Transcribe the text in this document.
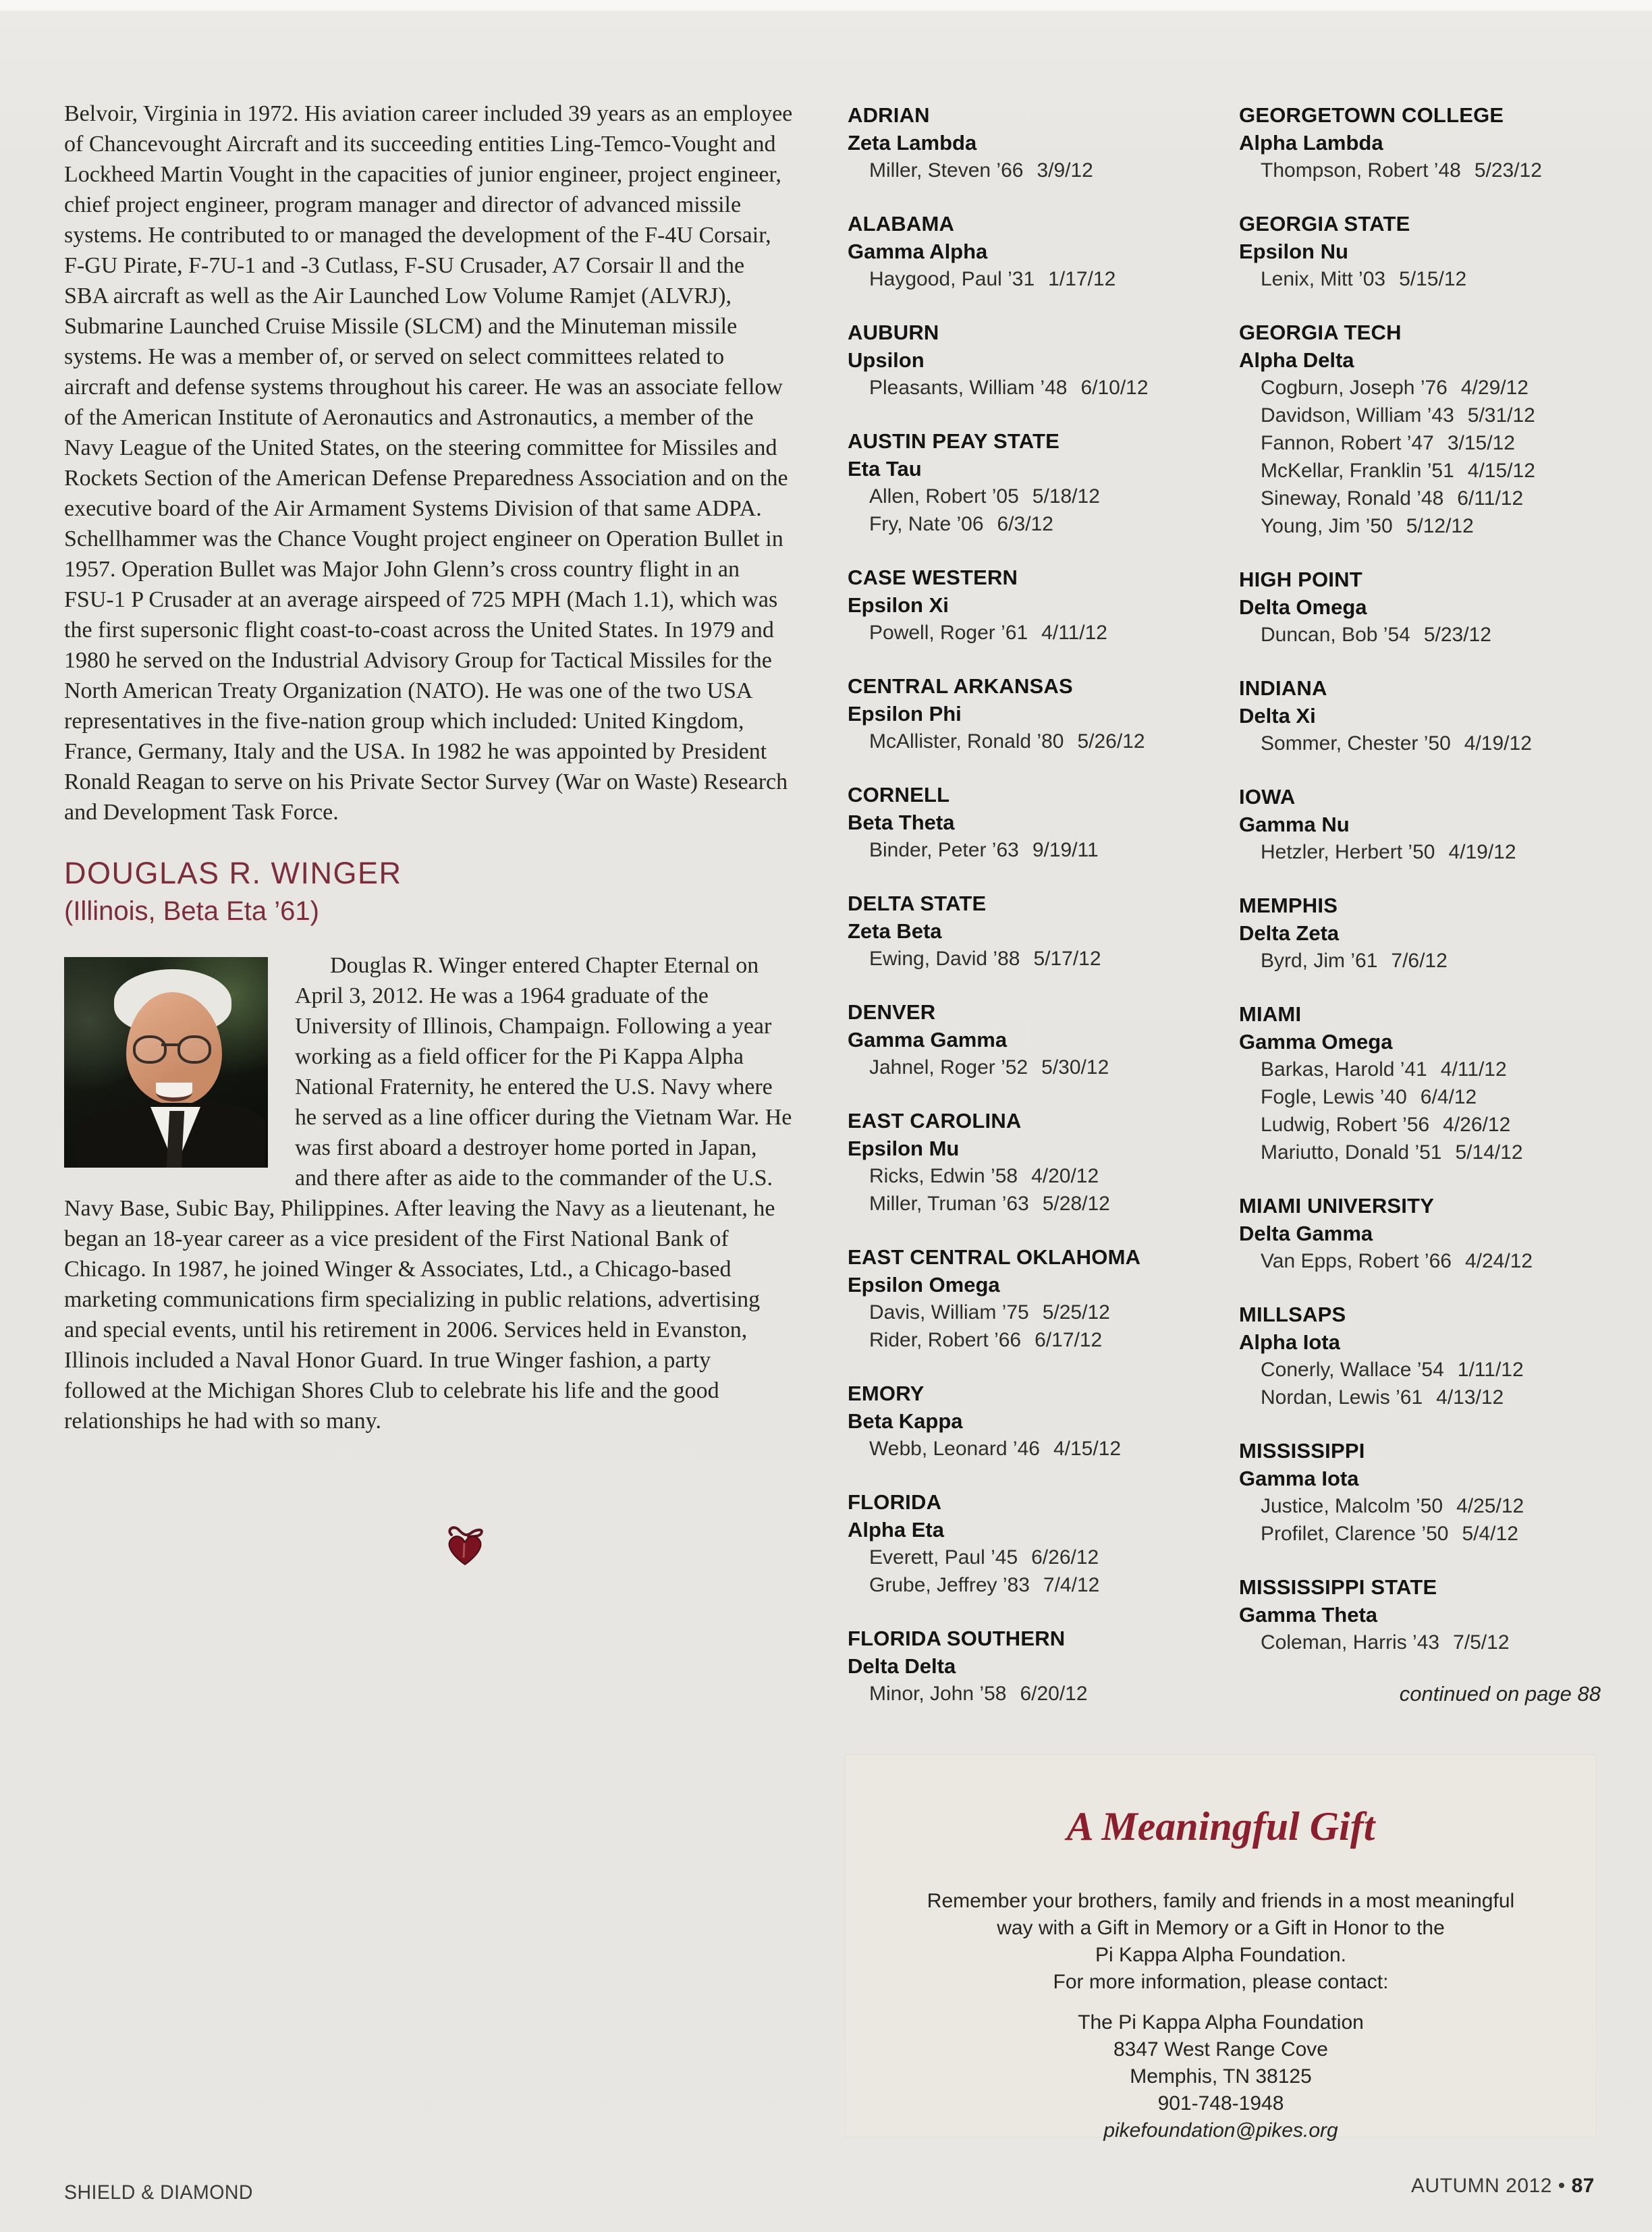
Belvoir, Virginia in 1972. His aviation career included 39 years as an employee of Chancevought Aircraft and its succeeding entities Ling-Temco-Vought and Lockheed Martin Vought in the capacities of junior engineer, project engineer, chief project engineer, program manager and director of advanced missile systems. He contributed to or managed the development of the F-4U Corsair, F-GU Pirate, F-7U-1 and -3 Cutlass, F-SU Crusader, A7 Corsair ll and the SBA aircraft as well as the Air Launched Low Volume Ramjet (ALVRJ), Submarine Launched Cruise Missile (SLCM) and the Minuteman missile systems. He was a member of, or served on select committees related to aircraft and defense systems throughout his career. He was an associate fellow of the American Institute of Aeronautics and Astronautics, a member of the Navy League of the United States, on the steering committee for Missiles and Rockets Section of the American Defense Preparedness Association and on the executive board of the Air Armament Systems Division of that same ADPA. Schellhammer was the Chance Vought project engineer on Operation Bullet in 1957. Operation Bullet was Major John Glenn’s cross country flight in an FSU-1 P Crusader at an average airspeed of 725 MPH (Mach 1.1), which was the first supersonic flight coast-to-coast across the United States. In 1979 and 1980 he served on the Industrial Advisory Group for Tactical Missiles for the North American Treaty Organization (NATO). He was one of the two USA representatives in the five-nation group which included: United Kingdom, France, Germany, Italy and the USA. In 1982 he was appointed by President Ronald Reagan to serve on his Private Sector Survey (War on Waste) Research and Development Task Force.

DOUGLAS R. WINGER
(Illinois, Beta Eta ’61)

Douglas R. Winger entered Chapter Eternal on April 3, 2012. He was a 1964 graduate of the University of Illinois, Champaign. Following a year working as a field officer for the Pi Kappa Alpha National Fraternity, he entered the U.S. Navy where he served as a line officer during the Vietnam War. He was first aboard a destroyer home ported in Japan, and there after as aide to the commander of the U.S. Navy Base, Subic Bay, Philippines. After leaving the Navy as a lieutenant, he began an 18-year career as a vice president of the First National Bank of Chicago. In 1987, he joined Winger & Associates, Ltd., a Chicago-based marketing communications firm specializing in public relations, advertising and special events, until his retirement in 2006. Services held in Evanston, Illinois included a Naval Honor Guard. In true Winger fashion, a party followed at the Michigan Shores Club to celebrate his life and the good relationships he had with so many.

ADRIAN
Zeta Lambda
Miller, Steven ’66 3/9/12
ALABAMA
Gamma Alpha
Haygood, Paul ’31 1/17/12
AUBURN
Upsilon
Pleasants, William ’48 6/10/12
AUSTIN PEAY STATE
Eta Tau
Allen, Robert ’05 5/18/12
Fry, Nate ’06 6/3/12
CASE WESTERN
Epsilon Xi
Powell, Roger ’61 4/11/12
CENTRAL ARKANSAS
Epsilon Phi
McAllister, Ronald ’80 5/26/12
CORNELL
Beta Theta
Binder, Peter ’63 9/19/11
DELTA STATE
Zeta Beta
Ewing, David ’88 5/17/12
DENVER
Gamma Gamma
Jahnel, Roger ’52 5/30/12
EAST CAROLINA
Epsilon Mu
Ricks, Edwin ’58 4/20/12
Miller, Truman ’63 5/28/12
EAST CENTRAL OKLAHOMA
Epsilon Omega
Davis, William ’75 5/25/12
Rider, Robert ’66 6/17/12
EMORY
Beta Kappa
Webb, Leonard ’46 4/15/12
FLORIDA
Alpha Eta
Everett, Paul ’45 6/26/12
Grube, Jeffrey ’83 7/4/12
FLORIDA SOUTHERN
Delta Delta
Minor, John ’58 6/20/12
GEORGETOWN COLLEGE
Alpha Lambda
Thompson, Robert ’48 5/23/12
GEORGIA STATE
Epsilon Nu
Lenix, Mitt ’03 5/15/12
GEORGIA TECH
Alpha Delta
Cogburn, Joseph ’76 4/29/12
Davidson, William ’43 5/31/12
Fannon, Robert ’47 3/15/12
McKellar, Franklin ’51 4/15/12
Sineway, Ronald ’48 6/11/12
Young, Jim ’50 5/12/12
HIGH POINT
Delta Omega
Duncan, Bob ’54 5/23/12
INDIANA
Delta Xi
Sommer, Chester ’50 4/19/12
IOWA
Gamma Nu
Hetzler, Herbert ’50 4/19/12
MEMPHIS
Delta Zeta
Byrd, Jim ’61 7/6/12
MIAMI
Gamma Omega
Barkas, Harold ’41 4/11/12
Fogle, Lewis ’40 6/4/12
Ludwig, Robert ’56 4/26/12
Mariutto, Donald ’51 5/14/12
MIAMI UNIVERSITY
Delta Gamma
Van Epps, Robert ’66 4/24/12
MILLSAPS
Alpha Iota
Conerly, Wallace ’54 1/11/12
Nordan, Lewis ’61 4/13/12
MISSISSIPPI
Gamma Iota
Justice, Malcolm ’50 4/25/12
Profilet, Clarence ’50 5/4/12
MISSISSIPPI STATE
Gamma Theta
Coleman, Harris ’43 7/5/12
continued on page 88
A Meaningful Gift
Remember your brothers, family and friends in a most meaningful
way with a Gift in Memory or a Gift in Honor to the
Pi Kappa Alpha Foundation.
For more information, please contact:
The Pi Kappa Alpha Foundation
8347 West Range Cove
Memphis, TN 38125
901-748-1948
pikefoundation@pikes.org
SHIELD & DIAMOND	AUTUMN 2012 • 87
